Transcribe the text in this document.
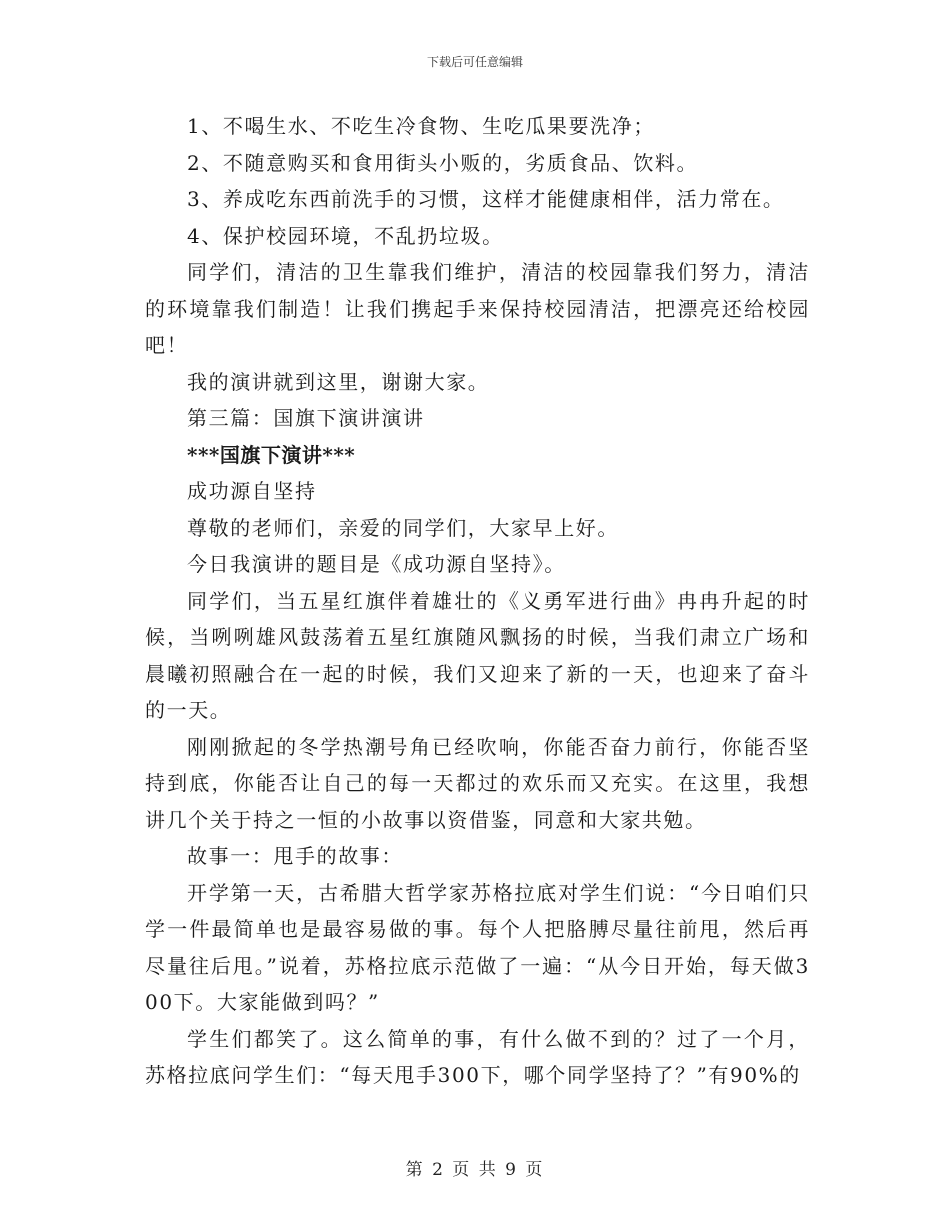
下载后可任意编辑

1、不喝生水、不吃生冷食物、生吃瓜果要洗净；

2、不随意购买和食用街头小贩的，劣质食品、饮料。

3、养成吃东西前洗手的习惯，这样才能健康相伴，活力常在。

4、保护校园环境，不乱扔垃圾。

同学们，清洁的卫生靠我们维护，清洁的校园靠我们努力，清洁的环境靠我们制造！让我们携起手来保持校园清洁，把漂亮还给校园吧！

我的演讲就到这里，谢谢大家。

第三篇：国旗下演讲演讲

***国旗下演讲***

成功源自坚持

尊敬的老师们，亲爱的同学们，大家早上好。

今日我演讲的题目是《成功源自坚持》。

同学们，当五星红旗伴着雄壮的《义勇军进行曲》冉冉升起的时候，当咧咧雄风鼓荡着五星红旗随风飘扬的时候，当我们肃立广场和晨曦初照融合在一起的时候，我们又迎来了新的一天，也迎来了奋斗的一天。

刚刚掀起的冬学热潮号角已经吹响，你能否奋力前行，你能否坚持到底，你能否让自己的每一天都过的欢乐而又充实。在这里，我想讲几个关于持之一恒的小故事以资借鉴，同意和大家共勉。

故事一：甩手的故事：

开学第一天，古希腊大哲学家苏格拉底对学生们说：“今日咱们只学一件最简单也是最容易做的事。每个人把胳膊尽量往前甩，然后再尽量往后甩。”说着，苏格拉底示范做了一遍：“从今日开始，每天做300下。大家能做到吗？”

学生们都笑了。这么简单的事，有什么做不到的？过了一个月，苏格拉底问学生们：“每天甩手300下，哪个同学坚持了？”有90%的

第 2 页 共 9 页
